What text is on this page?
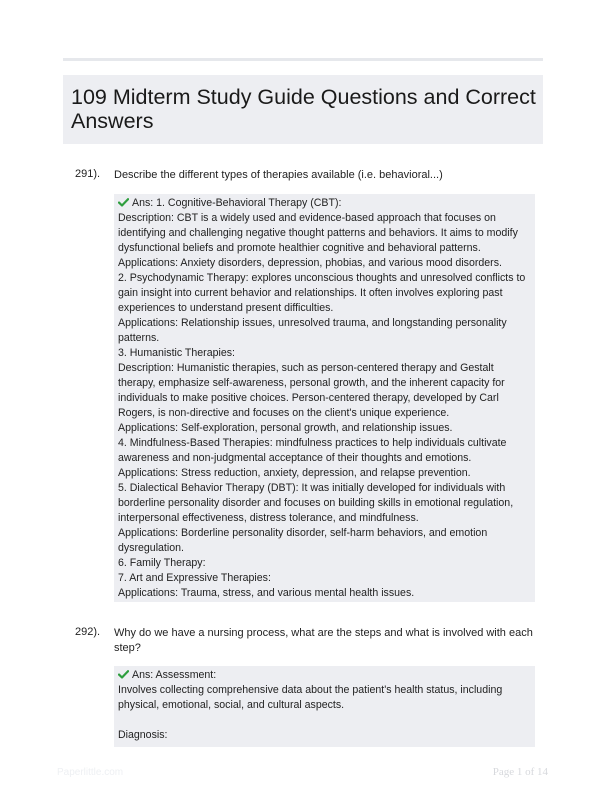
109 Midterm Study Guide Questions and Correct Answers
291). Describe the different types of therapies available (i.e. behavioral...)
Ans: 1. Cognitive-Behavioral Therapy (CBT):
Description: CBT is a widely used and evidence-based approach that focuses on
identifying and challenging negative thought patterns and behaviors. It aims to modify
dysfunctional beliefs and promote healthier cognitive and behavioral patterns.
Applications: Anxiety disorders, depression, phobias, and various mood disorders.
2. Psychodynamic Therapy: explores unconscious thoughts and unresolved conflicts to
gain insight into current behavior and relationships. It often involves exploring past
experiences to understand present difficulties.
Applications: Relationship issues, unresolved trauma, and longstanding personality
patterns.
3. Humanistic Therapies:
Description: Humanistic therapies, such as person-centered therapy and Gestalt
therapy, emphasize self-awareness, personal growth, and the inherent capacity for
individuals to make positive choices. Person-centered therapy, developed by Carl
Rogers, is non-directive and focuses on the client's unique experience.
Applications: Self-exploration, personal growth, and relationship issues.
4. Mindfulness-Based Therapies: mindfulness practices to help individuals cultivate
awareness and non-judgmental acceptance of their thoughts and emotions.
Applications: Stress reduction, anxiety, depression, and relapse prevention.
5. Dialectical Behavior Therapy (DBT): It was initially developed for individuals with
borderline personality disorder and focuses on building skills in emotional regulation,
interpersonal effectiveness, distress tolerance, and mindfulness.
Applications: Borderline personality disorder, self-harm behaviors, and emotion
dysregulation.
6. Family Therapy:
7. Art and Expressive Therapies:
Applications: Trauma, stress, and various mental health issues.
292). Why do we have a nursing process, what are the steps and what is involved with each
step?
Ans: Assessment:
Involves collecting comprehensive data about the patient's health status, including
physical, emotional, social, and cultural aspects.
Diagnosis:
Paperlittle.com	Page 1 of 14
